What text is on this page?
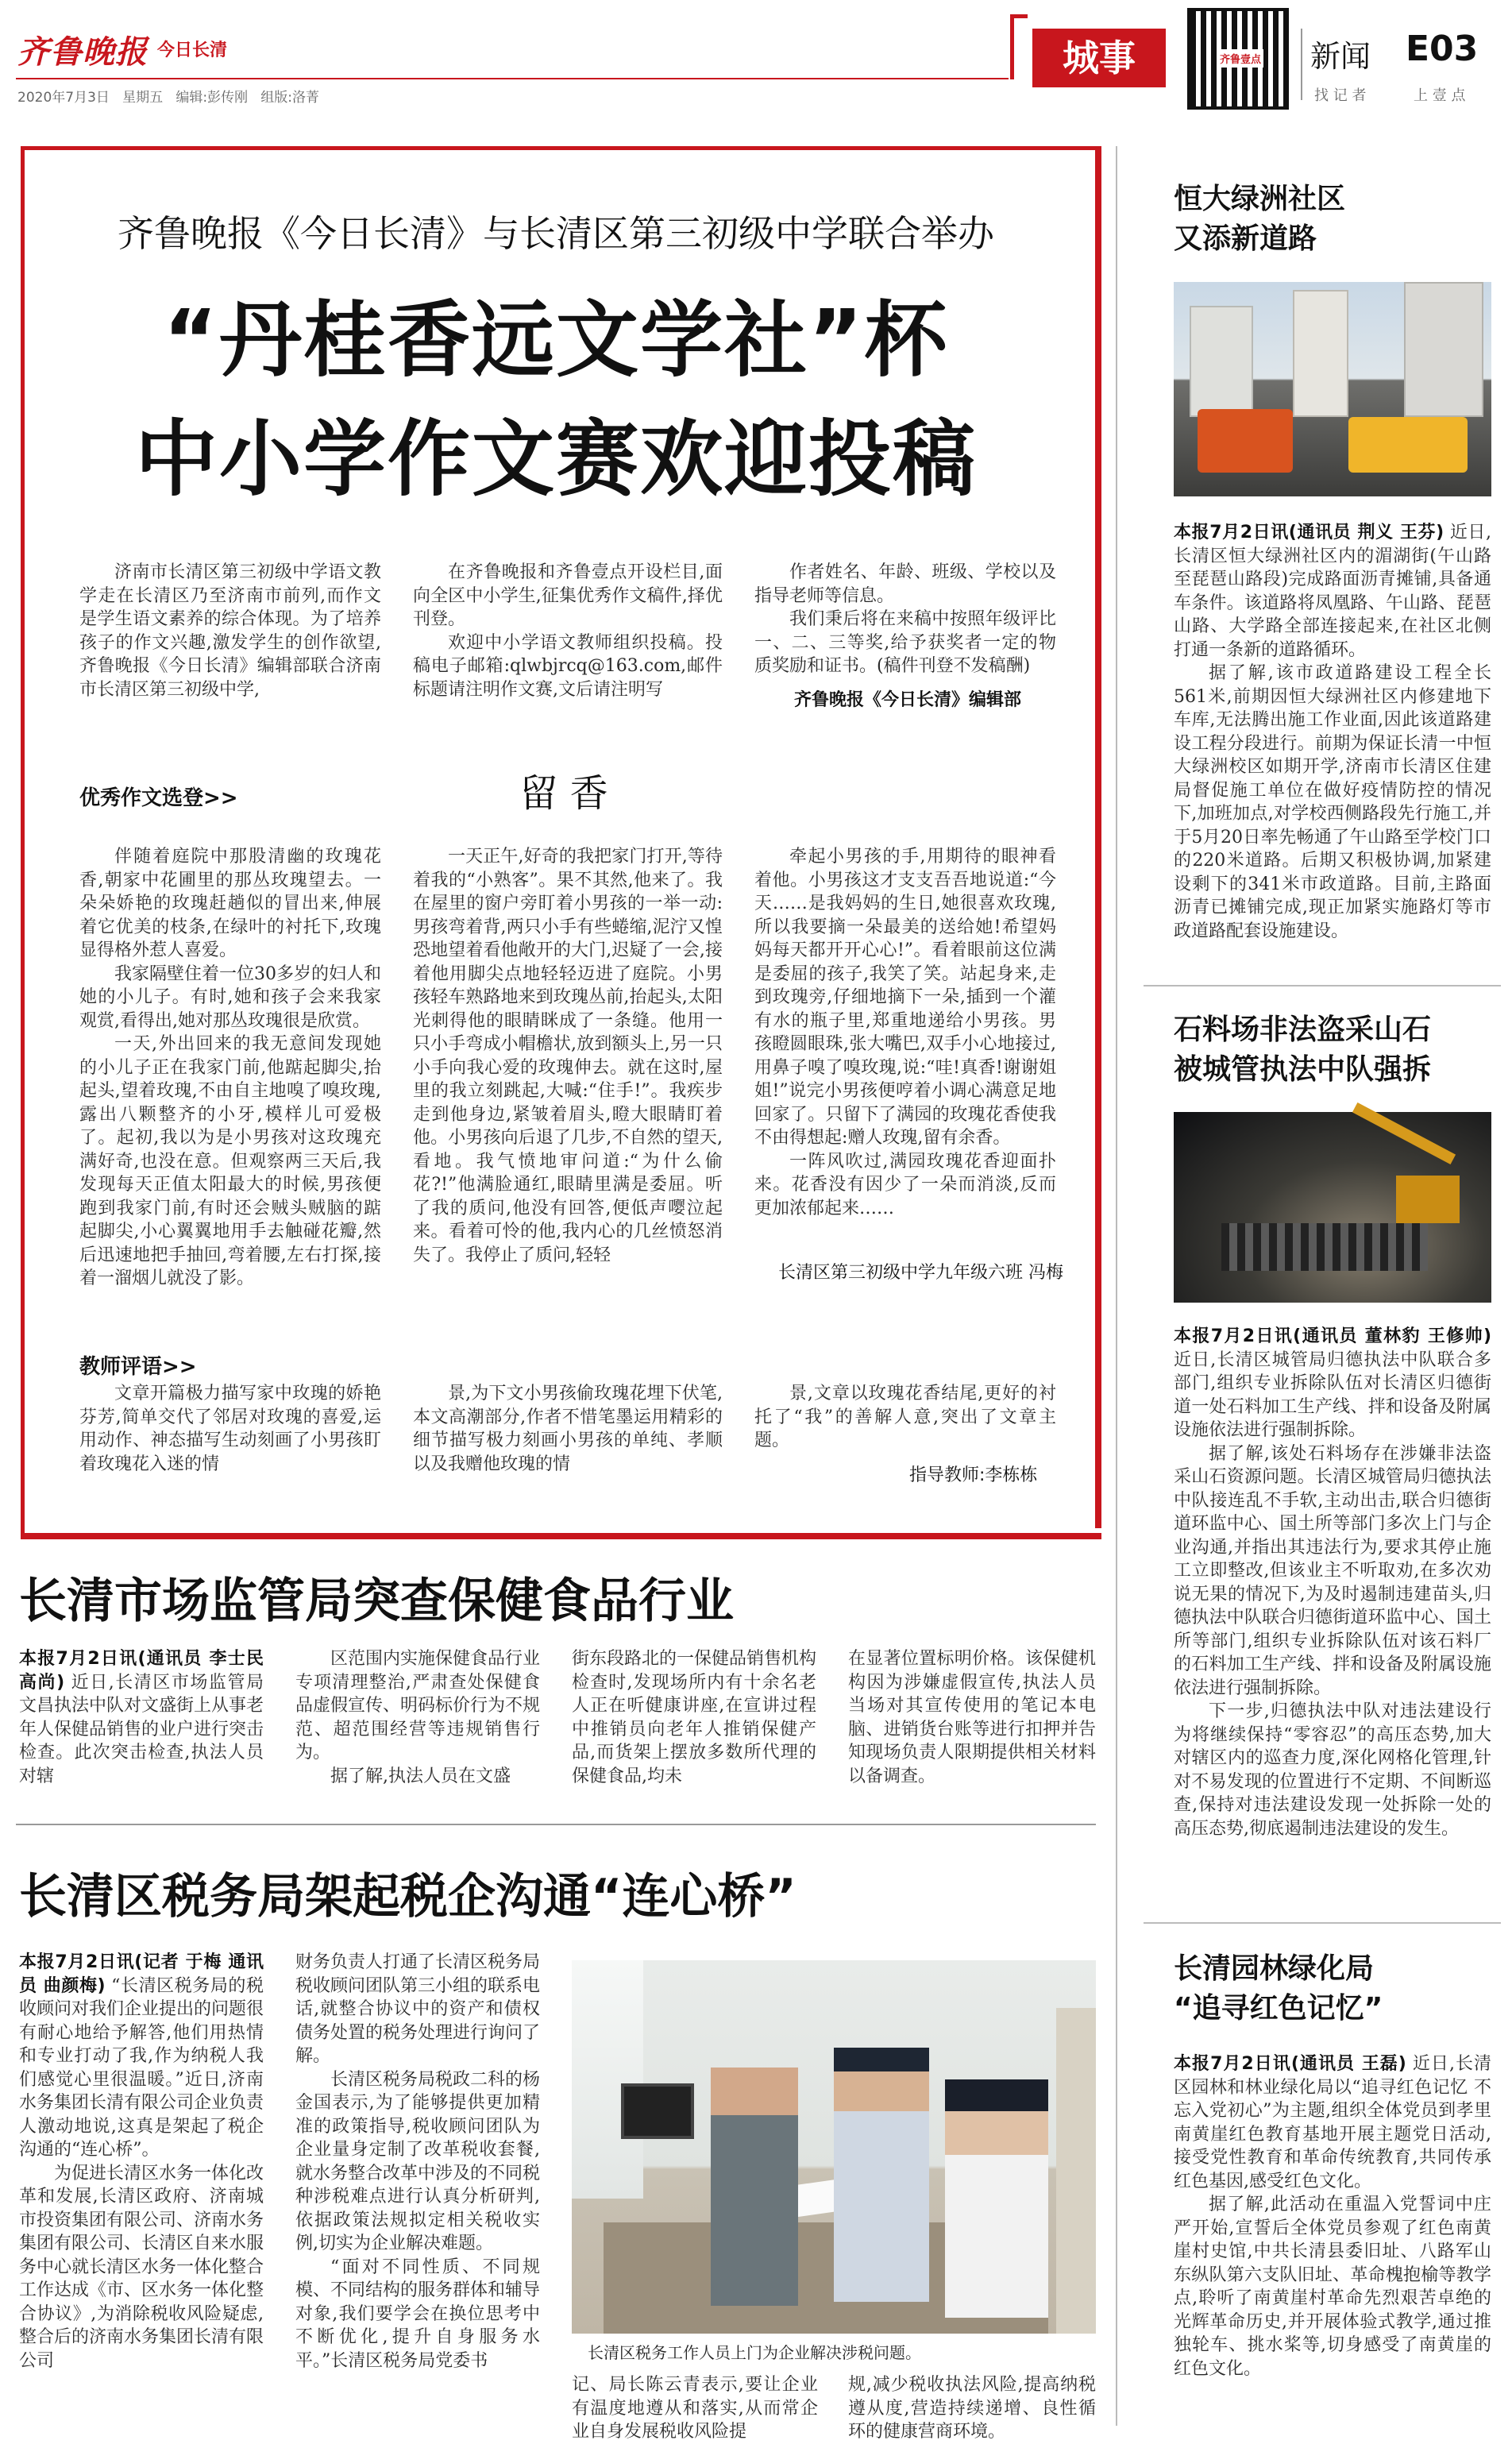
齐鲁晚报 今日长清
2020年7月3日 星期五 编辑:彭传刚 组版:洛菁
城事	齐鲁壹点 新闻 E03
找 记 者	上 壹 点
齐鲁晚报《今日长清》与长清区第三初级中学联合举办
“丹桂香远文学社”杯
中小学作文赛欢迎投稿

济南市长清区第三初级中学语文教学走在长清区乃至济南市前列,而作文是学生语文素养的综合体现。为了培养孩子的作文兴趣,激发学生的创作欲望,齐鲁晚报《今日长清》编辑部联合济南市长清区第三初级中学,

在齐鲁晚报和齐鲁壹点开设栏目,面向全区中小学生,征集优秀作文稿件,择优刊登。

欢迎中小学语文教师组织投稿。投稿电子邮箱:qlwbjrcq@163.com,邮件标题请注明作文赛,文后请注明写

作者姓名、年龄、班级、学校以及指导老师等信息。

我们秉后将在来稿中按照年级评比一、二、三等奖,给予获奖者一定的物质奖励和证书。(稿件刊登不发稿酬)

齐鲁晚报《今日长清》编辑部
优秀作文选登>>	留 香

伴随着庭院中那股清幽的玫瑰花香,朝家中花圃里的那丛玫瑰望去。一朵朵娇艳的玫瑰赶趟似的冒出来,伸展着它优美的枝条,在绿叶的衬托下,玫瑰显得格外惹人喜爱。

我家隔壁住着一位30多岁的妇人和她的小儿子。有时,她和孩子会来我家观赏,看得出,她对那丛玫瑰很是欣赏。

一天,外出回来的我无意间发现她的小儿子正在我家门前,他踮起脚尖,抬起头,望着玫瑰,不由自主地嗅了嗅玫瑰,露出八颗整齐的小牙,模样儿可爱极了。起初,我以为是小男孩对这玫瑰充满好奇,也没在意。但观察两三天后,我发现每天正值太阳最大的时候,男孩便跑到我家门前,有时还会贼头贼脑的踮起脚尖,小心翼翼地用手去触碰花瓣,然后迅速地把手抽回,弯着腰,左右打探,接着一溜烟儿就没了影。

一天正午,好奇的我把家门打开,等待着我的“小熟客”。果不其然,他来了。我在屋里的窗户旁盯着小男孩的一举一动:男孩弯着背,两只小手有些蜷缩,泥泞又惶恐地望着看他敞开的大门,迟疑了一会,接着他用脚尖点地轻轻迈进了庭院。小男孩轻车熟路地来到玫瑰丛前,抬起头,太阳光刺得他的眼睛眯成了一条缝。他用一只小手弯成小帽檐状,放到额头上,另一只小手向我心爱的玫瑰伸去。就在这时,屋里的我立刻跳起,大喊:“住手!”。我疾步走到他身边,紧皱着眉头,瞪大眼睛盯着他。小男孩向后退了几步,不自然的望天,看地。我气愤地审问道:“为什么偷花?!”他满脸通红,眼睛里满是委屈。听了我的质问,他没有回答,便低声嘤泣起来。看着可怜的他,我内心的几丝愤怒消失了。我停止了质问,轻轻

牵起小男孩的手,用期待的眼神看着他。小男孩这才支支吾吾地说道:“今天……是我妈妈的生日,她很喜欢玫瑰,所以我要摘一朵最美的送给她!希望妈妈每天都开开心心!”。看着眼前这位满是委屈的孩子,我笑了笑。站起身来,走到玫瑰旁,仔细地摘下一朵,插到一个灌有水的瓶子里,郑重地递给小男孩。男孩瞪圆眼珠,张大嘴巴,双手小心地接过,用鼻子嗅了嗅玫瑰,说:“哇!真香!谢谢姐姐!”说完小男孩便哼着小调心满意足地回家了。只留下了满园的玫瑰花香使我不由得想起:赠人玫瑰,留有余香。

一阵风吹过,满园玫瑰花香迎面扑来。花香没有因少了一朵而消淡,反而更加浓郁起来……

长清区第三初级中学九年级六班 冯梅
教师评语>>

文章开篇极力描写家中玫瑰的娇艳芬芳,简单交代了邻居对玫瑰的喜爱,运用动作、神态描写生动刻画了小男孩盯着玫瑰花入迷的情

景,为下文小男孩偷玫瑰花埋下伏笔,本文高潮部分,作者不惜笔墨运用精彩的细节描写极力刻画小男孩的单纯、孝顺以及我赠他玫瑰的情

景,文章以玫瑰花香结尾,更好的衬托了“我”的善解人意,突出了文章主题。

指导教师:李栋栋
长清市场监管局突查保健食品行业
本报7月2日讯(通讯员 李士民 高尚) 近日,长清区市场监管局文昌执法中队对文盛街上从事老年人保健品销售的业户进行突击检查。此次突击检查,执法人员对辖

区范围内实施保健食品行业专项清理整治,严肃查处保健食品虚假宣传、明码标价行为不规范、超范围经营等违规销售行为。

据了解,执法人员在文盛

街东段路北的一保健品销售机构检查时,发现场所内有十余名老人正在听健康讲座,在宣讲过程中推销员向老年人推销保健产品,而货架上摆放多数所代理的保健食品,均未
在显著位置标明价格。该保健机构因为涉嫌虚假宣传,执法人员当场对其宣传使用的笔记本电脑、进销货台账等进行扣押并告知现场负责人限期提供相关材料以备调查。
长清区税务局架起税企沟通“连心桥”
本报7月2日讯(记者 于梅 通讯员 曲颜梅) “长清区税务局的税收顾问对我们企业提出的问题很有耐心地给予解答,他们用热情和专业打动了我,作为纳税人我们感觉心里很温暖。”近日,济南水务集团长清有限公司企业负责人激动地说,这真是架起了税企沟通的“连心桥”。

为促进长清区水务一体化改革和发展,长清区政府、济南城市投资集团有限公司、济南水务集团有限公司、长清区自来水服务中心就长清区水务一体化整合工作达成《市、区水务一体化整合协议》,为消除税收风险疑虑,整合后的济南水务集团长清有限公司

财务负责人打通了长清区税务局税收顾问团队第三小组的联系电话,就整合协议中的资产和债权债务处置的税务处理进行询问了解。

长清区税务局税政二科的杨金国表示,为了能够提供更加精准的政策指导,税收顾问团队为企业量身定制了改革税收套餐,就水务整合改革中涉及的不同税种涉税难点进行认真分析研判,依据政策法规拟定相关税收实例,切实为企业解决难题。

“面对不同性质、不同规模、不同结构的服务群体和辅导对象,我们要学会在换位思考中不断优化,提升自身服务水平。”长清区税务局党委书	长清区税务工作人员上门为企业解决涉税问题。
记、局长陈云青表示,要让企业有温度地遵从和落实,从而常企业自身发展税收风险提
规,减少税收执法风险,提高纳税遵从度,营造持续递增、良性循环的健康营商环境。
恒大绿洲社区
又添新道路
本报7月2日讯(通讯员 荆义 王芬) 近日,长清区恒大绿洲社区内的湄湖街(午山路至琵琶山路段)完成路面沥青摊铺,具备通车条件。该道路将凤凰路、午山路、琵琶山路、大学路全部连接起来,在社区北侧打通一条新的道路循环。

据了解,该市政道路建设工程全长561米,前期因恒大绿洲社区内修建地下车库,无法腾出施工作业面,因此该道路建设工程分段进行。前期为保证长清一中恒大绿洲校区如期开学,济南市长清区住建局督促施工单位在做好疫情防控的情况下,加班加点,对学校西侧路段先行施工,并于5月20日率先畅通了午山路至学校门口的220米道路。后期又积极协调,加紧建设剩下的341米市政道路。目前,主路面沥青已摊铺完成,现正加紧实施路灯等市政道路配套设施建设。

石料场非法盗采山石
被城管执法中队强拆
本报7月2日讯(通讯员 董林豹 王修帅) 近日,长清区城管局归德执法中队联合多部门,组织专业拆除队伍对长清区归德街道一处石料加工生产线、拌和设备及附属设施依法进行强制拆除。

据了解,该处石料场存在涉嫌非法盗采山石资源问题。长清区城管局归德执法中队接连乱不手软,主动出击,联合归德街道环监中心、国土所等部门多次上门与企业沟通,并指出其违法行为,要求其停止施工立即整改,但该业主不听取劝,在多次劝说无果的情况下,为及时遏制违建苗头,归德执法中队联合归德街道环监中心、国土所等部门,组织专业拆除队伍对该石料厂的石料加工生产线、拌和设备及附属设施依法进行强制拆除。

下一步,归德执法中队对违法建设行为将继续保持“零容忍”的高压态势,加大对辖区内的巡查力度,深化网格化管理,针对不易发现的位置进行不定期、不间断巡查,保持对违法建设发现一处拆除一处的高压态势,彻底遏制违法建设的发生。

长清园林绿化局
“追寻红色记忆”
本报7月2日讯(通讯员 王磊) 近日,长清区园林和林业绿化局以“追寻红色记忆 不忘入党初心”为主题,组织全体党员到孝里南黄崖红色教育基地开展主题党日活动,接受党性教育和革命传统教育,共同传承红色基因,感受红色文化。

据了解,此活动在重温入党誓词中庄严开始,宣誓后全体党员参观了红色南黄崖村史馆,中共长清县委旧址、八路军山东纵队第六支队旧址、革命槐抱榆等教学点,聆听了南黄崖村革命先烈艰苦卓绝的光辉革命历史,并开展体验式教学,通过推独轮车、挑水桨等,切身感受了南黄崖的红色文化。
